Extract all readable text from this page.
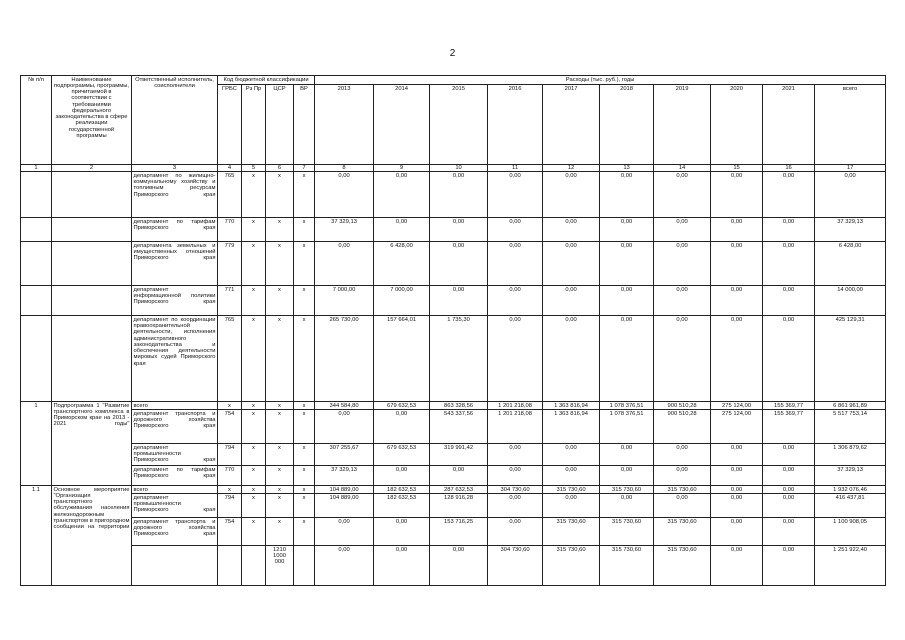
2
№ п/п	Наименование подпрограммы, программы, причитаемой в соответствии с требованиями федерального законодательства в сфере реализации государственной программы	Ответственный исполнитель, соисполнители	Код бюджетной классификации				Расходы (тыс. руб.), годы									
			ГРБС	Рз Пр	ЦСР	ВР	2013	2014	2015	2016	2017	2018	2019	2020	2021	всего
1	2	3	4	5	6	7	8	9	10	11	12	13	14	15	16	17
		департамент по жилищно-коммунальному хозяйству и топливным ресурсам Приморского края	765	х	х	х	0,00	0,00	0,00	0,00	0,00	0,00	0,00	0,00	0,00	0,00
		департамент по тарифам Приморского края	770	х	х	х	37 329,13	0,00	0,00	0,00	0,00	0,00	0,00	0,00	0,00	37 329,13
		департамента земельных и имущественных отношений Приморского края	779	х	х	х	0,00	6 428,00	0,00	0,00	0,00	0,00	0,00	0,00	0,00	6 428,00
		департамент информационной политики Приморского края	771	х	х	х	7 000,00	7 000,00	0,00	0,00	0,00	0,00	0,00	0,00	0,00	14 000,00
		департамент по координации правоохранительной деятельности, исполнения административного законодательства и обеспечения деятельности мировых судей Приморского края	765	х	х	х	265 730,00	157 664,01	1 735,30	0,00	0,00	0,00	0,00	0,00	0,00	425 129,31
1	Подпрограмма 1 "Развитие транспортного комплекса в Приморском крае на 2013 - 2021 годы"	всего	х	х	х	х	344 584,80	679 632,53	863 328,56	1 201 218,08	1 363 816,94	1 078 376,51	900 510,28	275 124,00	155 369,77	6 861 961,89
		департамент транспорта и дорожного хозяйства Приморского края	754	х	х	х	0,00	0,00	543 337,56	1 201 218,08	1 363 816,94	1 078 376,51	900 510,28	275 124,00	155 369,77	5 517 753,14
		департамент промышленности Приморского края	794	х	х	х	307 255,67	679 632,53	319 991,42	0,00	0,00	0,00	0,00	0,00	0,00	1 306 879,62
		департамент по тарифам Приморского края	770	х	х	х	37 329,13	0,00	0,00	0,00	0,00	0,00	0,00	0,00	0,00	37 329,13
1.1	Основное мероприятие "Организация транспортного обслуживания населения железнодорожным транспортом в пригородном сообщении на территории	всего	х	х	х	х	104 889,00	182 632,53	287 632,53	304 730,60	315 730,60	315 730,60	315 730,60	0,00	0,00	1 932 076,46
		департамент промышленности Приморского края	794	х	х	х	104 889,00	182 632,53	128 916,28	0,00	0,00	0,00	0,00	0,00	0,00	416 437,81
		департамент транспорта и дорожного хозяйства Приморского края	754	х	х	х	0,00	0,00	153 716,25	0,00	315 730,60	315 730,60	315 730,60	0,00	0,00	1 100 908,05
					1210 1000 000		0,00	0,00	0,00	304 730,60	315 730,60	315 730,60	315 730,60	0,00	0,00	1 251 922,40
